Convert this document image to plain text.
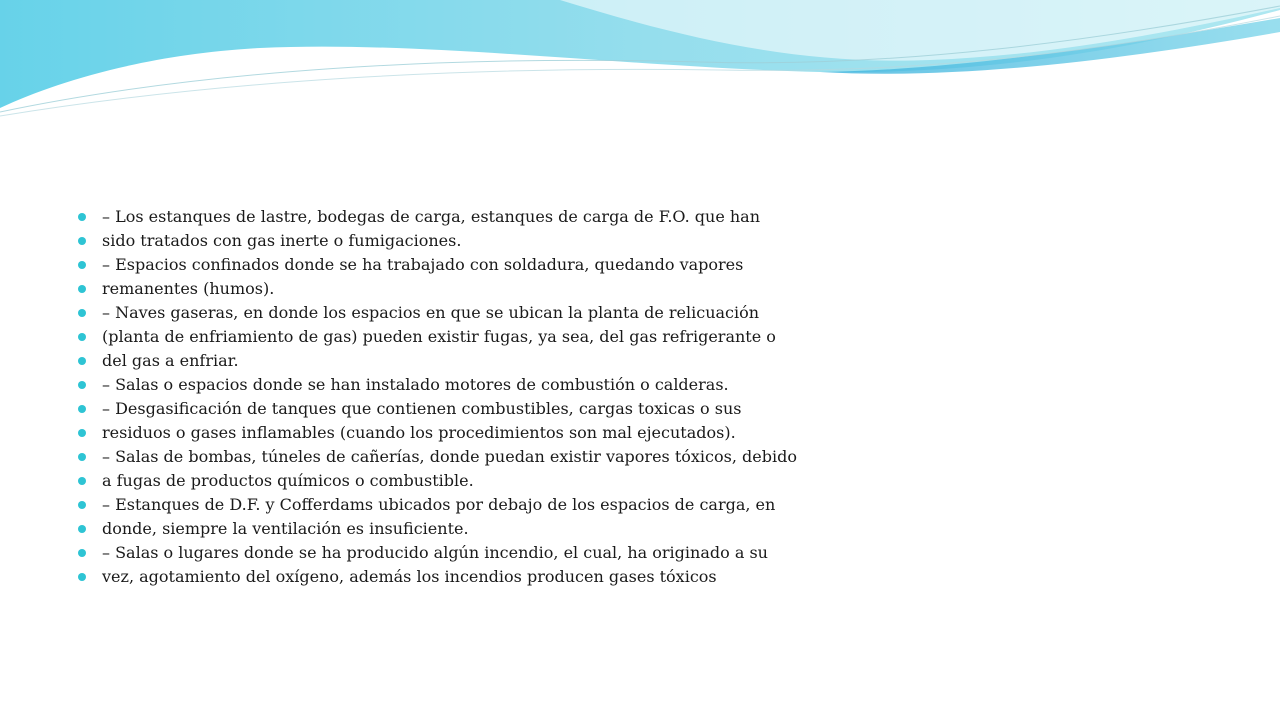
– Los estanques de lastre, bodegas de carga, estanques de carga de F.O. que han
sido tratados con gas inerte o fumigaciones.
– Espacios confinados donde se ha trabajado con soldadura, quedando vapores
remanentes (humos).
– Naves gaseras, en donde los espacios en que se ubican la planta de relicuación
(planta de enfriamiento de gas) pueden existir fugas, ya sea, del gas refrigerante o
del gas a enfriar.
– Salas o espacios donde se han instalado motores de combustión o calderas.
– Desgasificación de tanques que contienen combustibles, cargas toxicas o sus
residuos o gases inflamables (cuando los procedimientos son mal ejecutados).
– Salas de bombas, túneles de cañerías, donde puedan existir vapores tóxicos, debido
a fugas de productos químicos o combustible.
– Estanques de D.F. y Cofferdams ubicados por debajo de los espacios de carga, en
donde, siempre la ventilación es insuficiente.
– Salas o lugares donde se ha producido algún incendio, el cual, ha originado a su
vez, agotamiento del oxígeno, además los incendios producen gases tóxicos
